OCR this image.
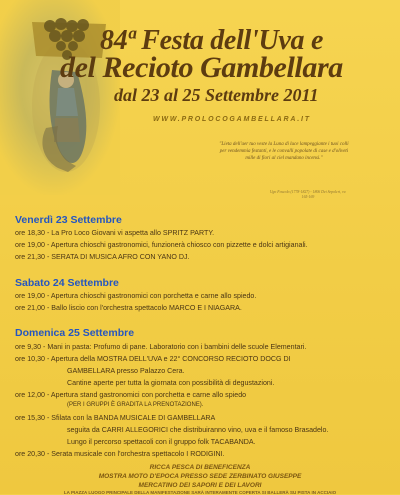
84ª Festa dell'Uva e
del Recioto Gambellara
dal 23 al 25 Settembre 2011
WWW.PROLOCOGAMBELLARA.IT
"Lieta dell'aer tuo veste la Luna di luce lampeggiante i tuoi colli per vendemmia festanti, e le convalli popolate di case e d'oliveti mille di fiori al ciel mandano incensi."
Ugo Foscolo (1778-1827) - 1806 Dei Sepolcri, vv. 165-169
Venerdì 23 Settembre
ore 18,30 - La Pro Loco Giovani vi aspetta allo SPRITZ PARTY.
ore 19,00 - Apertura chioschi gastronomici, funzionerà chiosco con pizzette e dolci artigianali.
ore 21,30 - SERATA DI MUSICA AFRO CON YANO DJ.
Sabato 24 Settembre
ore 19,00 - Apertura chioschi gastronomici con porchetta e carne allo spiedo.
ore 21,00 - Ballo liscio con l'orchestra spettacolo MARCO E I NIAGARA.
Domenica 25 Settembre
ore 9,30 - Mani in pasta: Profumo di pane. Laboratorio con i bambini delle scuole Elementari.
ore 10,30 - Apertura della MOSTRA DELL'UVA e 22° CONCORSO RECIOTO DOCG DI
GAMBELLARA presso Palazzo Cera.
Cantine aperte per tutta la giornata con possibilità di degustazioni.
ore 12,00 - Apertura stand gastronomici con porchetta e carne allo spiedo
(PER I GRUPPI È GRADITA LA PRENOTAZIONE).
ore 15,30 - Sfilata con la BANDA MUSICALE DI GAMBELLARA
seguita da CARRI ALLEGORICI che distribuiranno vino, uva e il famoso Brasadelo.
Lungo il percorso spettacoli con il gruppo folk TACABANDA.
ore 20,30 - Serata musicale con l'orchestra spettacolo I RODIGINI.
RICCA PESCA DI BENEFICENZA
MOSTRA MOTO D'EPOCA PRESSO SEDE ZERBINATO GIUSEPPE
MERCATINO DEI SAPORI E DEI LAVORI
LA PIAZZA LUOGO PRINCIPALE DELLA MANIFESTAZIONE SARÀ INTERAMENTE COPERTA SI BALLERÀ SU PISTA IN ACCIAIO
